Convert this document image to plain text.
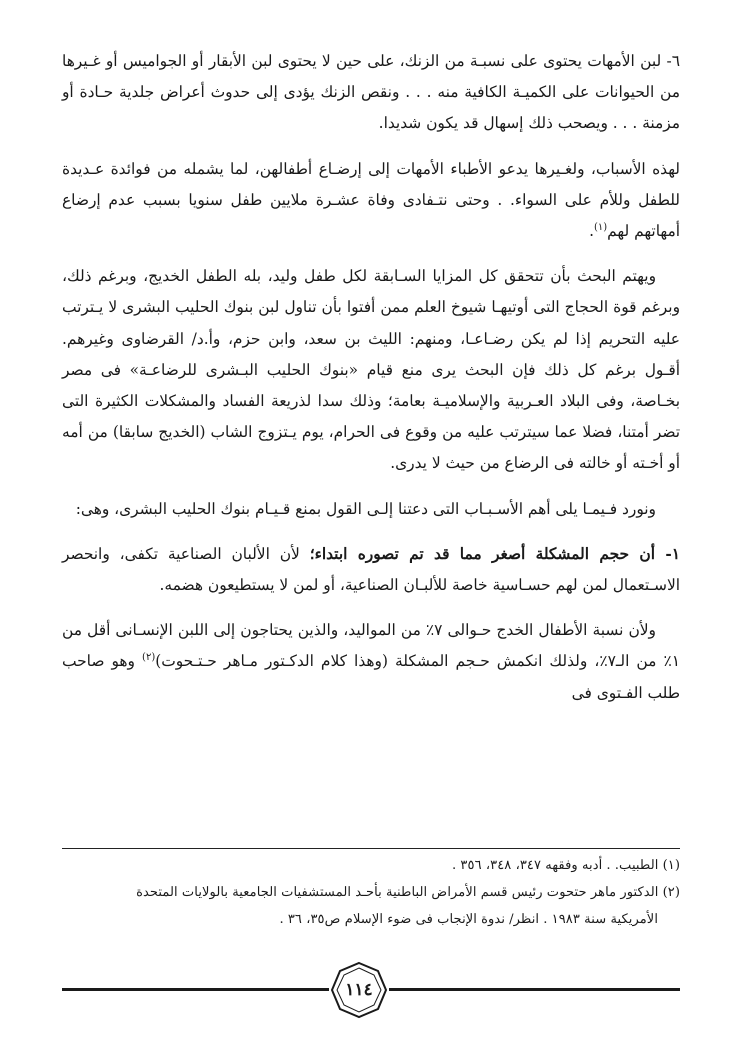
٦- لبن الأمهات يحتوى على نسبـة من الزنك، على حين لا يحتوى لبن الأبقار أو الجواميس أو غـيرها من الحيوانات على الكميـة الكافية منه . . . ونقص الزنك يؤدى إلى حدوث أعراض جلدية حـادة أو مزمنة . . . ويصحب ذلك إسهال قد يكون شديدا.

لهذه الأسباب، ولغـيرها يدعو الأطباء الأمهات إلى إرضـاع أطفالهن، لما يشمله من فوائدة عـديدة للطفل وللأم على السواء. . وحتى نتـفادى وفاة عشـرة ملايين طفل سنويا بسبب عدم إرضاع أمهاتهم لهم$^{(١)}$.

ويهتم البحث بأن تتحقق كل المزايا السـابقة لكل طفل وليد، بله الطفل الخديج، وبرغم ذلك، وبرغم قوة الحجاج التى أوتيهـا شيوخ العلم ممن أفتوا بأن تناول لبن بنوك الحليب البشرى لا يـترتب عليه التحريم إذا لم يكن رضـاعـا، ومنهم: الليث بن سعد، وابن حزم، وأ.د/ القرضاوى وغيرهم. أقـول برغم كل ذلك فإن البحث يرى منع قيام «بنوك الحليب البـشرى للرضاعـة» فى مصر بخـاصة، وفى البلاد العـربية والإسلاميـة بعامة؛ وذلك سدا لذريعة الفساد والمشكلات الكثيرة التى تضر أمتنا، فضلا عما سيترتب عليه من وقوع فى الحرام، يوم يـتزوج الشاب (الخديج سابقا) من أمه أو أخـته أو خالته فى الرضاع من حيث لا يدرى.

ونورد فـيمـا يلى أهم الأسـبـاب التى دعتنا إلـى القول بمنع قـيـام بنوك الحليب البشرى، وهى:

١- أن حجم المشكلة أصغر مما قد تم تصوره ابتداء؛ لأن الألبان الصناعية تكفى، وانحصر الاسـتعمال لمن لهم حسـاسية خاصة للألبـان الصناعية، أو لمن لا يستطيعون هضمه.

ولأن نسبة الأطفال الخدج حـوالى ٧٪ من المواليد، والذين يحتاجون إلى اللبن الإنسـانى أقل من ١٪ من الـ٧٪، ولذلك انكمش حـجم المشكلة (وهذا كلام الدكـتور مـاهر حـتـحوت)$^{(٢)}$ وهو صاحب طلب الفـتوى فى

(١) الطبيب. . أدبه وفقهه ٣٤٧، ٣٤٨، ٣٥٦ .

(٢) الدكتور ماهر حتحوت رئيس قسم الأمراض الباطنية بأحـد المستشفيات الجامعية بالولايات المتحدة

الأمريكية سنة ١٩٨٣ . انظر/ ندوة الإنجاب فى ضوء الإسلام ص٣٥، ٣٦ .

١١٤
